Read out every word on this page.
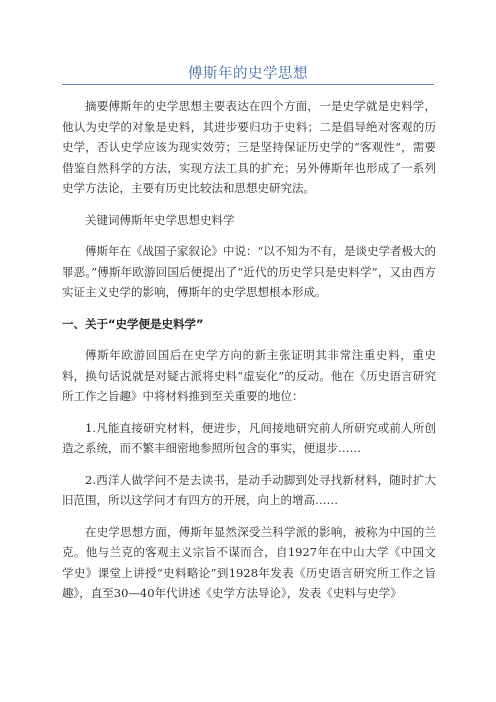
傅斯年的史学思想

摘要傅斯年的史学思想主要表达在四个方面，一是史学就是史料学，他认为史学的对象是史料，其进步要归功于史料；二是倡导绝对客观的历史学，否认史学应该为现实效劳；三是坚持保证历史学的“客观性“，需要借鉴自然科学的方法，实现方法工具的扩充；另外傅斯年也形成了一系列史学方法论，主要有历史比较法和思想史研究法。

关键词傅斯年史学思想史料学

傅斯年在《战国子家叙论》中说：“以不知为不有，是谈史学者极大的罪恶。”傅斯年欧游回国后便提出了“近代的历史学只是史料学”，又由西方实证主义史学的影响，傅斯年的史学思想根本形成。

一、关于“史学便是史料学”

傅斯年欧游回国后在史学方向的新主张证明其非常注重史料，重史料，换句话说就是对疑古派将史料“虚妄化”的反动。他在《历史语言研究所工作之旨趣》中将材料推到至关重要的地位：

1.凡能直接研究材料，便进步，凡间接地研究前人所研究或前人所创造之系统，而不繁丰细密地参照所包含的事实，便退步……

2.西洋人做学问不是去读书，是动手动脚到处寻找新材料，随时扩大旧范围，所以这学问才有四方的开展，向上的增高……

在史学思想方面，傅斯年显然深受兰科学派的影响，被称为中国的兰克。他与兰克的客观主义宗旨不谋而合，自1927年在中山大学《中国文学史》课堂上讲授“史料略论”到1928年发表《历史语言研究所工作之旨趣》，直至30—40年代讲述《史学方法导论》，发表《史料与史学》
